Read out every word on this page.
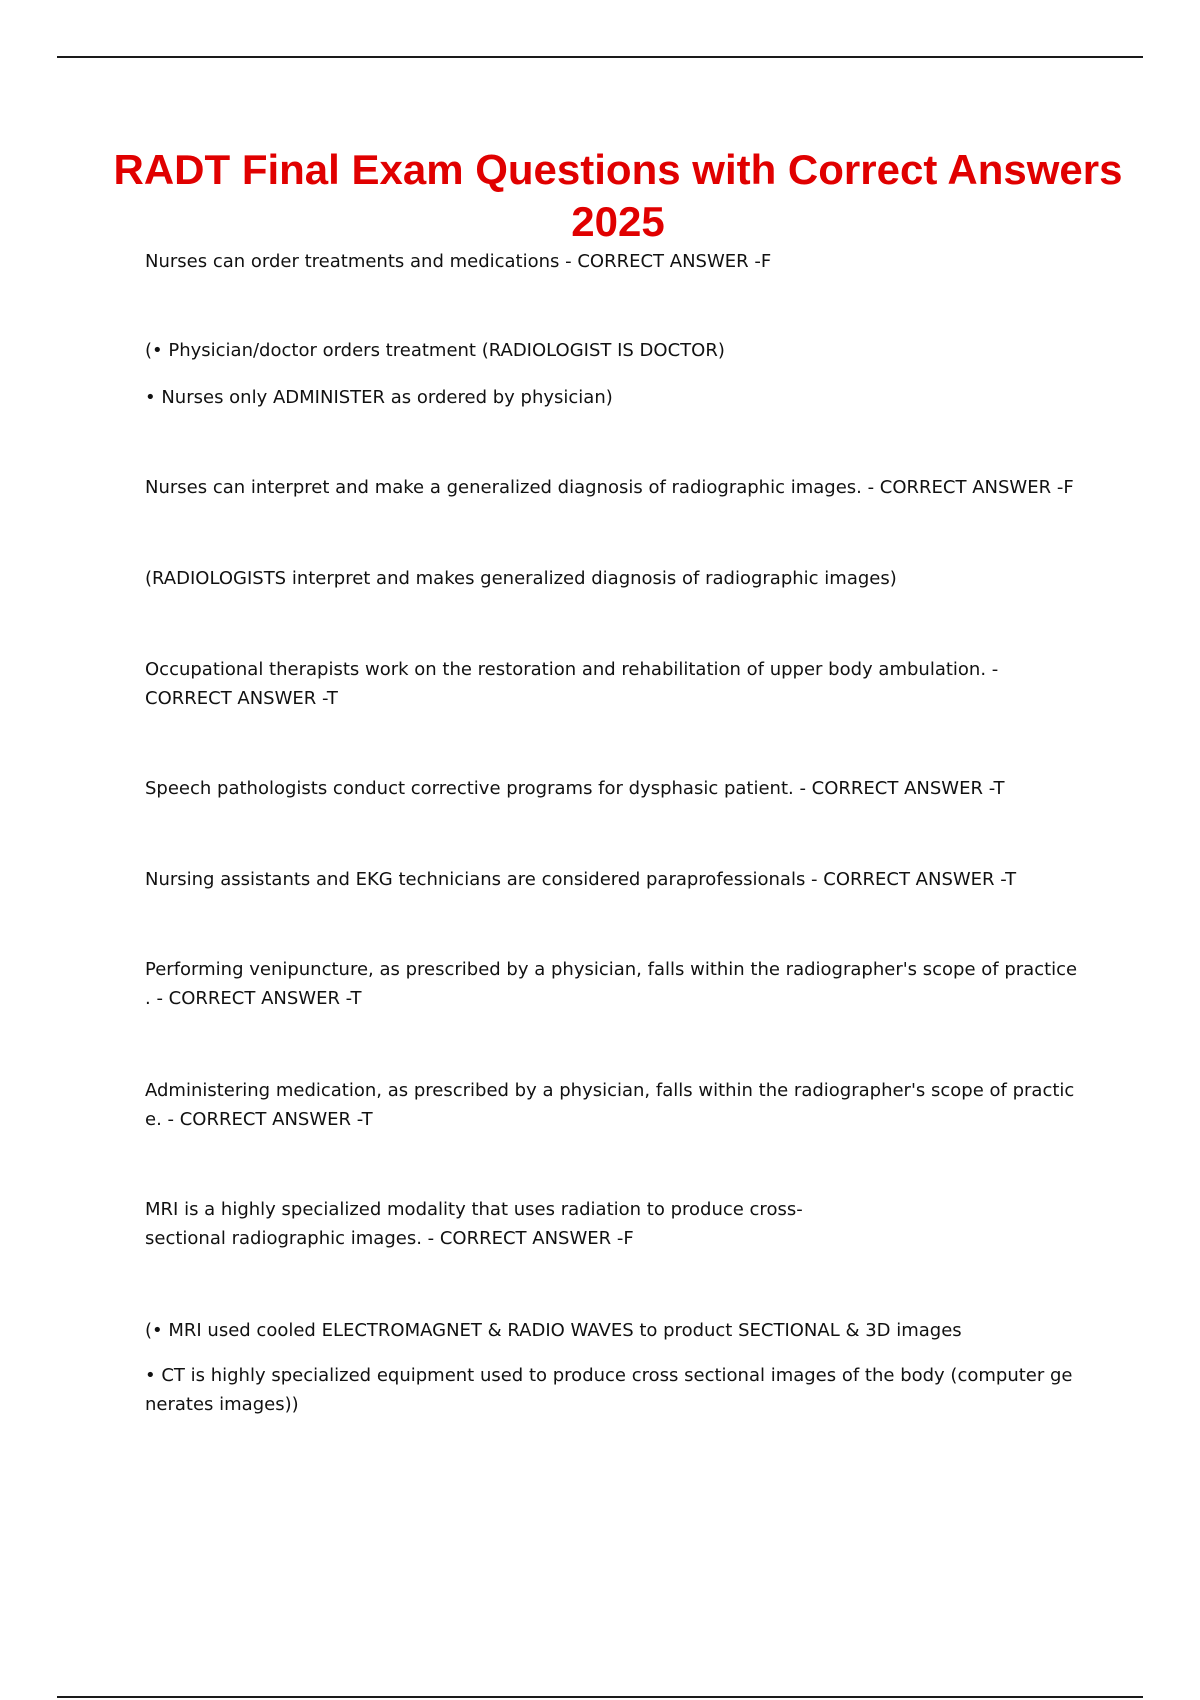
RADT Final Exam Questions with Correct Answers 2025

Nurses can order treatments and medications - CORRECT ANSWER -F

(• Physician/doctor orders treatment (RADIOLOGIST IS DOCTOR)

• Nurses only ADMINISTER as ordered by physician)

Nurses can interpret and make a generalized diagnosis of radiographic images. - CORRECT ANSWER -F

(RADIOLOGISTS interpret and makes generalized diagnosis of radiographic images)

Occupational therapists work on the restoration and rehabilitation of upper body ambulation. -
CORRECT ANSWER -T

Speech pathologists conduct corrective programs for dysphasic patient. - CORRECT ANSWER -T

Nursing assistants and EKG technicians are considered paraprofessionals - CORRECT ANSWER -T

Performing venipuncture, as prescribed by a physician, falls within the radiographer's scope of practice
. - CORRECT ANSWER -T

Administering medication, as prescribed by a physician, falls within the radiographer's scope of practic
e. - CORRECT ANSWER -T

MRI is a highly specialized modality that uses radiation to produce cross-
sectional radiographic images. - CORRECT ANSWER -F

(• MRI used cooled ELECTROMAGNET & RADIO WAVES to product SECTIONAL & 3D images

• CT is highly specialized equipment used to produce cross sectional images of the body (computer ge
nerates images))
